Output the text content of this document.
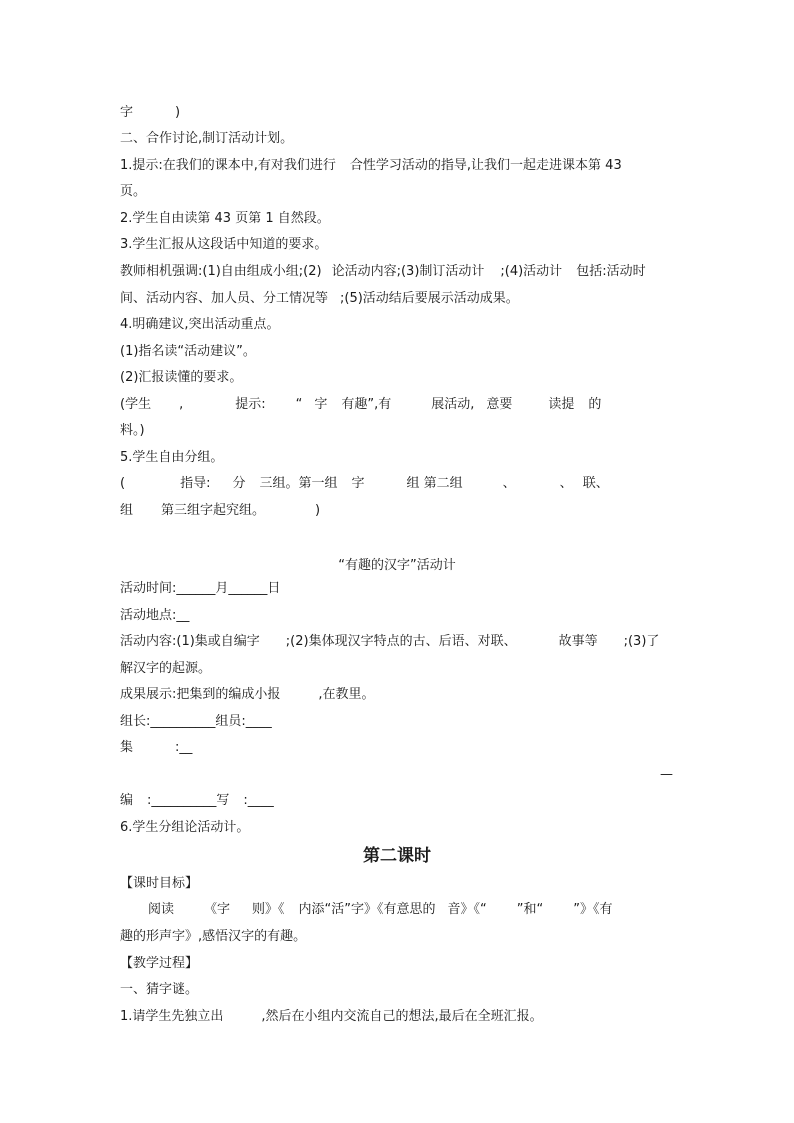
字	)
二、合作讨论,制订活动计划。
1.提示:在我们的课本中,有对我们进行 合性学习活动的指导,让我们一起走进课本第 43
页。
2.学生自由读第 43 页第 1 自然段。
3.学生汇报从这段话中知道的要求。
教师相机强调:(1)自由组成小组;(2) 论活动内容;(3)制订活动计 ;(4)活动计 包括:活动时
间、活动内容、加人员、分工情况等 ;(5)活动结后要展示活动成果。
4.明确建议,突出活动重点。
(1)指名读“活动建议”。
(2)汇报读懂的要求。
(学生 ,	提示: “ 字 有趣”,有	展活动, 意要	读提 的
料。)
5.学生自由分组。
(	指导: 分 三组。第一组 字	组 第二组	、	、 联、
组 第三组字起究组。	)
“有趣的汉字”活动计
活动时间:______月______日
活动地点:__
活动内容:(1)集或自编字 ;(2)集体现汉字特点的古、后语、对联、	故事等 ;(3)了
解汉字的起源。
成果展示:把集到的编成小报	,在教里。
组长:__________组员:____
集	:__
—
编 :__________写 :____
6.学生分组论活动计。
第二课时
【课时目标】
阅读 《字 则》《 内添“活”字》《有意思的 音》《“ ”和“ ”》《有
趣的形声字》,感悟汉字的有趣。
【教学过程】
一、猜字谜。
1.请学生先独立出	,然后在小组内交流自己的想法,最后在全班汇报。
